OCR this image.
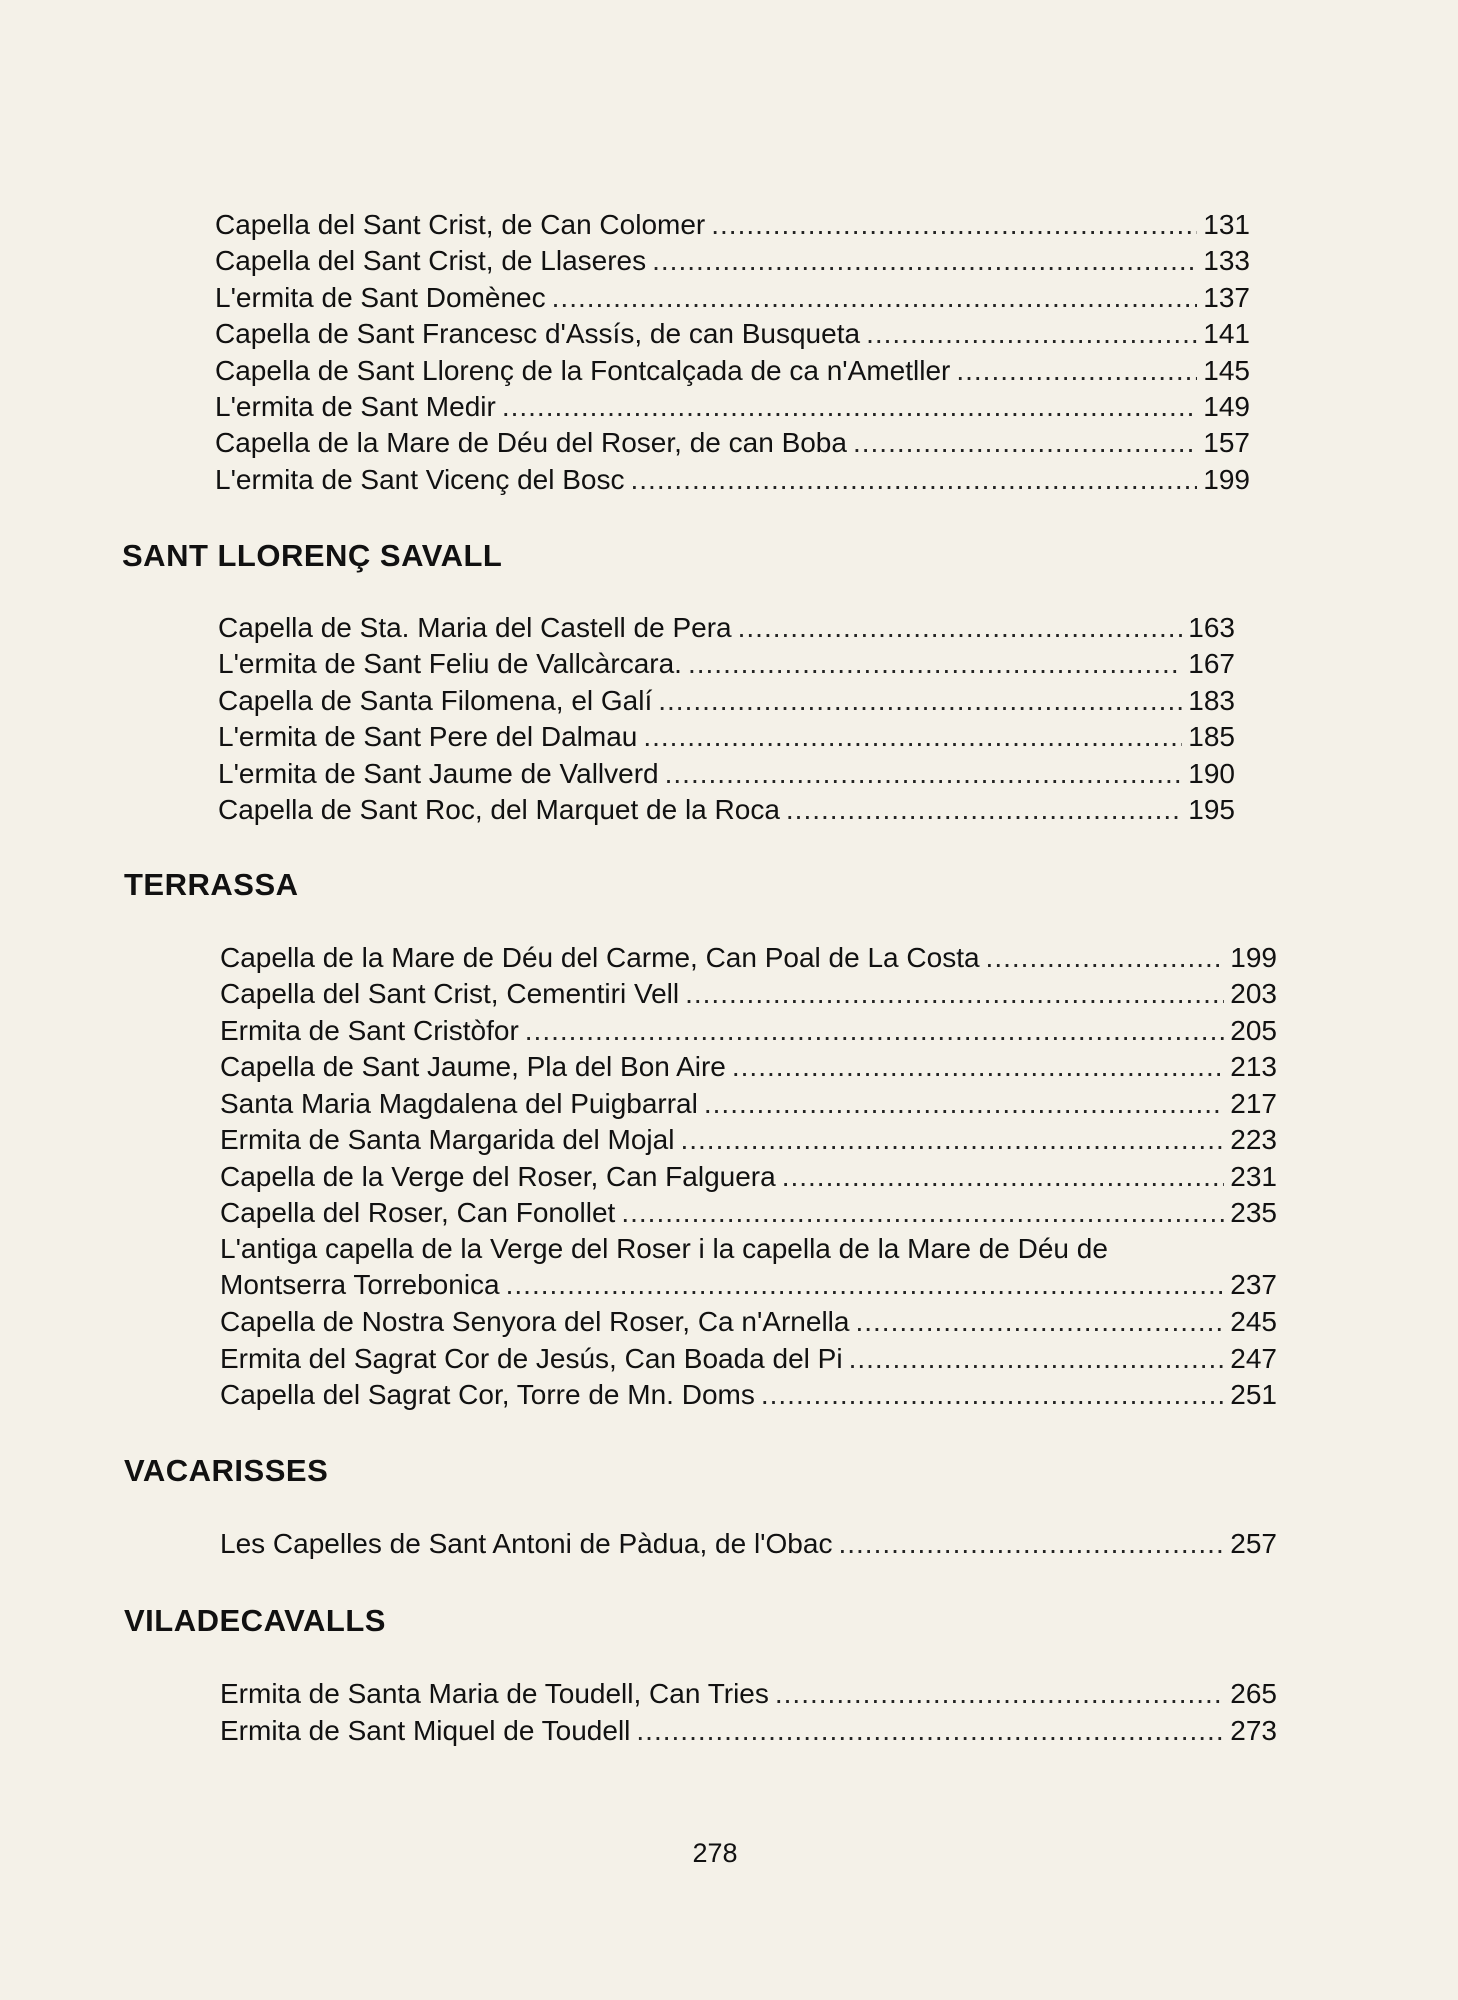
Capella del Sant Crist, de Can Colomer .....	131
Capella del Sant Crist, de Llaseres .....	133
L'ermita de Sant Domènec .....	137
Capella de Sant Francesc d'Assís, de can Busqueta .....	141
Capella de Sant Llorenç de la Fontcalçada de ca n'Ametller .....	145
L'ermita de Sant Medir .....	149
Capella de la Mare de Déu del Roser, de can Boba .....	157
L'ermita de Sant Vicenç del Bosc .....	199
SANT LLORENÇ SAVALL
Capella de Sta. Maria del Castell de Pera .....	163
L'ermita de Sant Feliu de Vallcàrcara. .....	167
Capella de Santa Filomena, el Galí .....	183
L'ermita de Sant Pere del Dalmau .....	185
L'ermita de Sant Jaume de Vallverd .....	190
Capella de Sant Roc, del Marquet de la Roca .....	195
TERRASSA
Capella de la Mare de Déu del Carme, Can Poal de La Costa .....	199
Capella del Sant Crist, Cementiri Vell .....	203
Ermita de Sant Cristòfor .....	205
Capella de Sant Jaume, Pla del Bon Aire .....	213
Santa Maria Magdalena del Puigbarral .....	217
Ermita de Santa Margarida del Mojal .....	223
Capella de la Verge del Roser, Can Falguera .....	231
Capella del Roser, Can Fonollet .....	235
L'antiga capella de la Verge del Roser i la capella de la Mare de Déu de
Montserra Torrebonica .....	237
Capella de Nostra Senyora del Roser, Ca n'Arnella .....	245
Ermita del Sagrat Cor de Jesús, Can Boada del Pi .....	247
Capella del Sagrat Cor, Torre de Mn. Doms .....	251
VACARISSES
Les Capelles de Sant Antoni de Pàdua, de l'Obac .....	257
VILADECAVALLS
Ermita de Santa Maria de Toudell, Can Tries .....	265
Ermita de Sant Miquel de Toudell .....	273
278
